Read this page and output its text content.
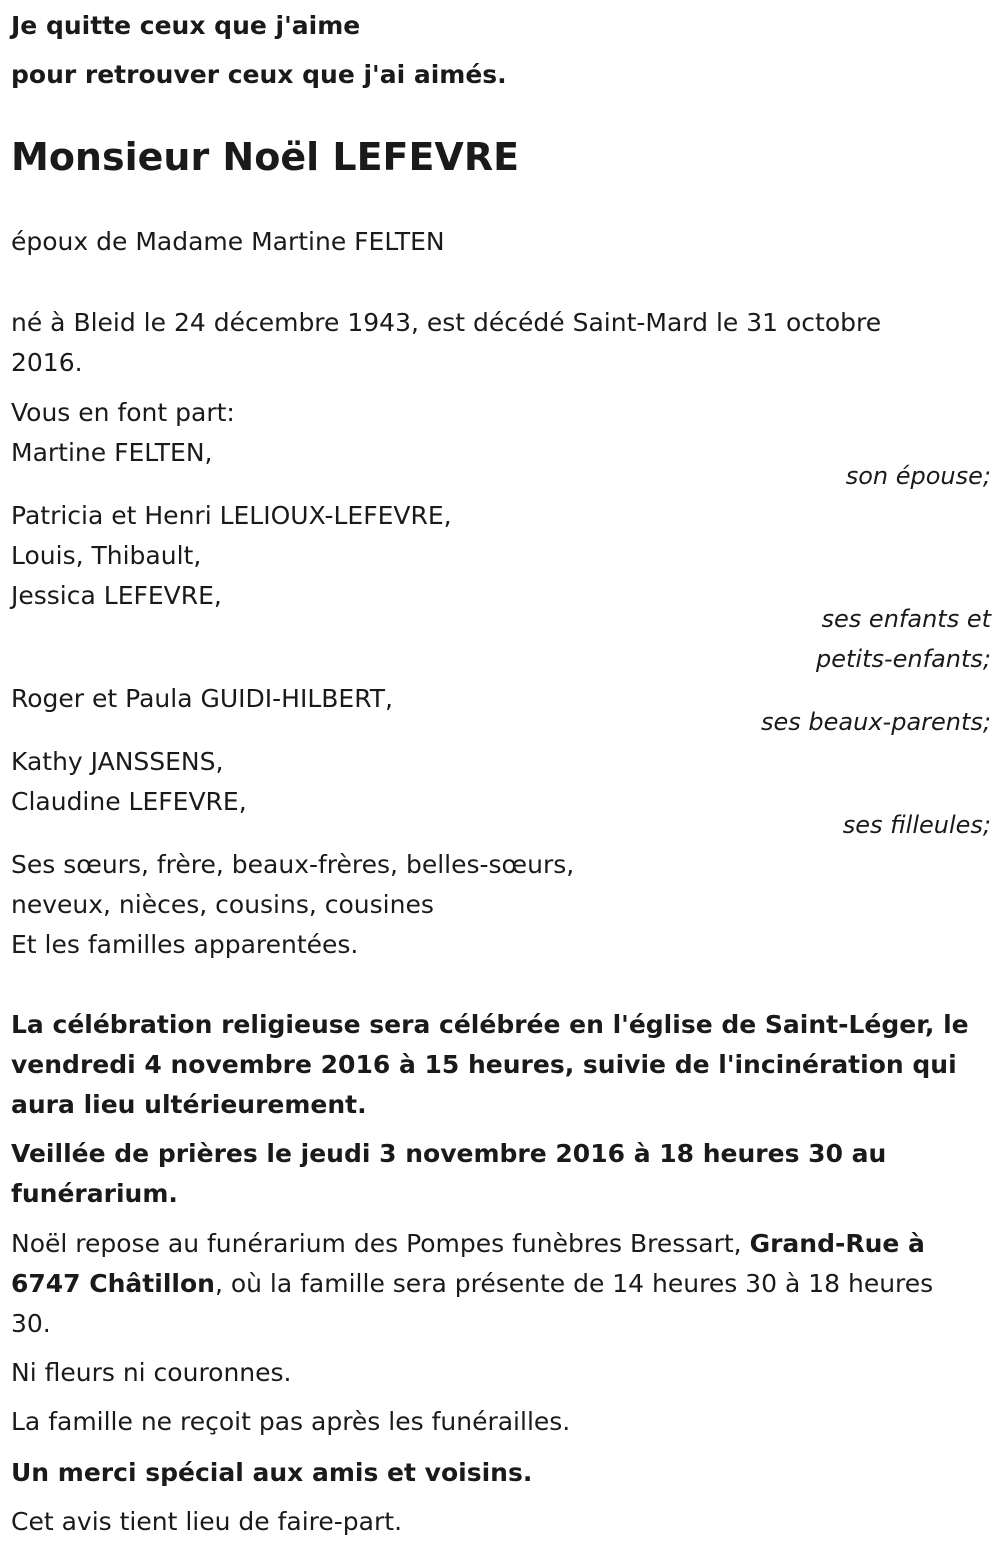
Je quitte ceux que j'aime
pour retrouver ceux que j'ai aimés.
Monsieur Noël LEFEVRE
époux de Madame Martine FELTEN
né à Bleid le 24 décembre 1943, est décédé Saint-Mard le 31 octobre
2016.
Vous en font part:
Martine FELTEN,
son épouse;
Patricia et Henri LELIOUX-LEFEVRE,
Louis, Thibault,
Jessica LEFEVRE,
ses enfants et
petits-enfants;
Roger et Paula GUIDI-HILBERT,
ses beaux-parents;
Kathy JANSSENS,
Claudine LEFEVRE,
ses filleules;
Ses sœurs, frère, beaux-frères, belles-sœurs,
neveux, nièces, cousins, cousines
Et les familles apparentées.
La célébration religieuse sera célébrée en l'église de Saint-Léger, le
vendredi 4 novembre 2016 à 15 heures, suivie de l'incinération qui
aura lieu ultérieurement.
Veillée de prières le jeudi 3 novembre 2016 à 18 heures 30 au
funérarium.
Noël repose au funérarium des Pompes funèbres Bressart, Grand-Rue à
6747 Châtillon, où la famille sera présente de 14 heures 30 à 18 heures
30.
Ni fleurs ni couronnes.
La famille ne reçoit pas après les funérailles.
Un merci spécial aux amis et voisins.
Cet avis tient lieu de faire-part.
